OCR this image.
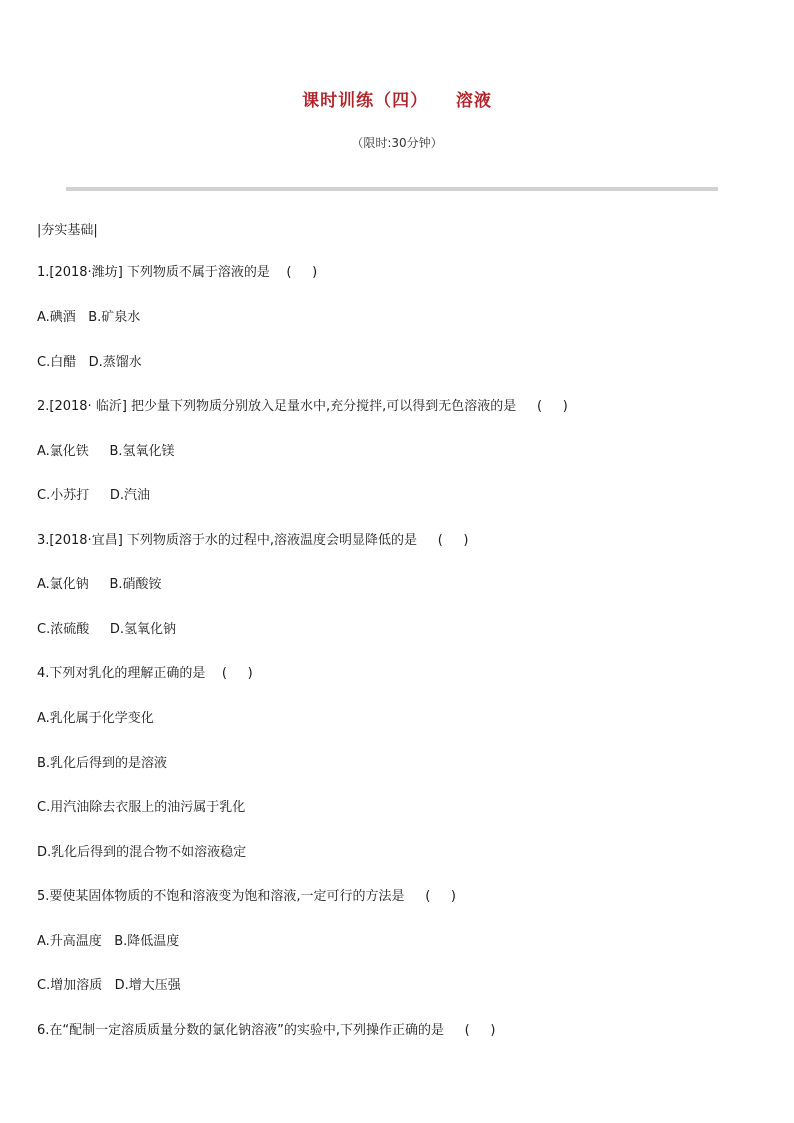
课时训练（四）    溶液
（限时:30分钟）
|夯实基础|
1.[2018·潍坊] 下列物质不属于溶液的是    (     )
A.碘酒   B.矿泉水
C.白醋   D.蒸馏水
2.[2018· 临沂] 把少量下列物质分别放入足量水中,充分搅拌,可以得到无色溶液的是     (     )
A.氯化铁     B.氢氧化镁
C.小苏打     D.汽油
3.[2018·宜昌] 下列物质溶于水的过程中,溶液温度会明显降低的是     (     )
A.氯化钠     B.硝酸铵
C.浓硫酸     D.氢氧化钠
4.下列对乳化的理解正确的是    (     )
A.乳化属于化学变化
B.乳化后得到的是溶液
C.用汽油除去衣服上的油污属于乳化
D.乳化后得到的混合物不如溶液稳定
5.要使某固体物质的不饱和溶液变为饱和溶液,一定可行的方法是     (     )
A.升高温度   B.降低温度
C.增加溶质   D.增大压强
6.在“配制一定溶质质量分数的氯化钠溶液”的实验中,下列操作正确的是     (     )
